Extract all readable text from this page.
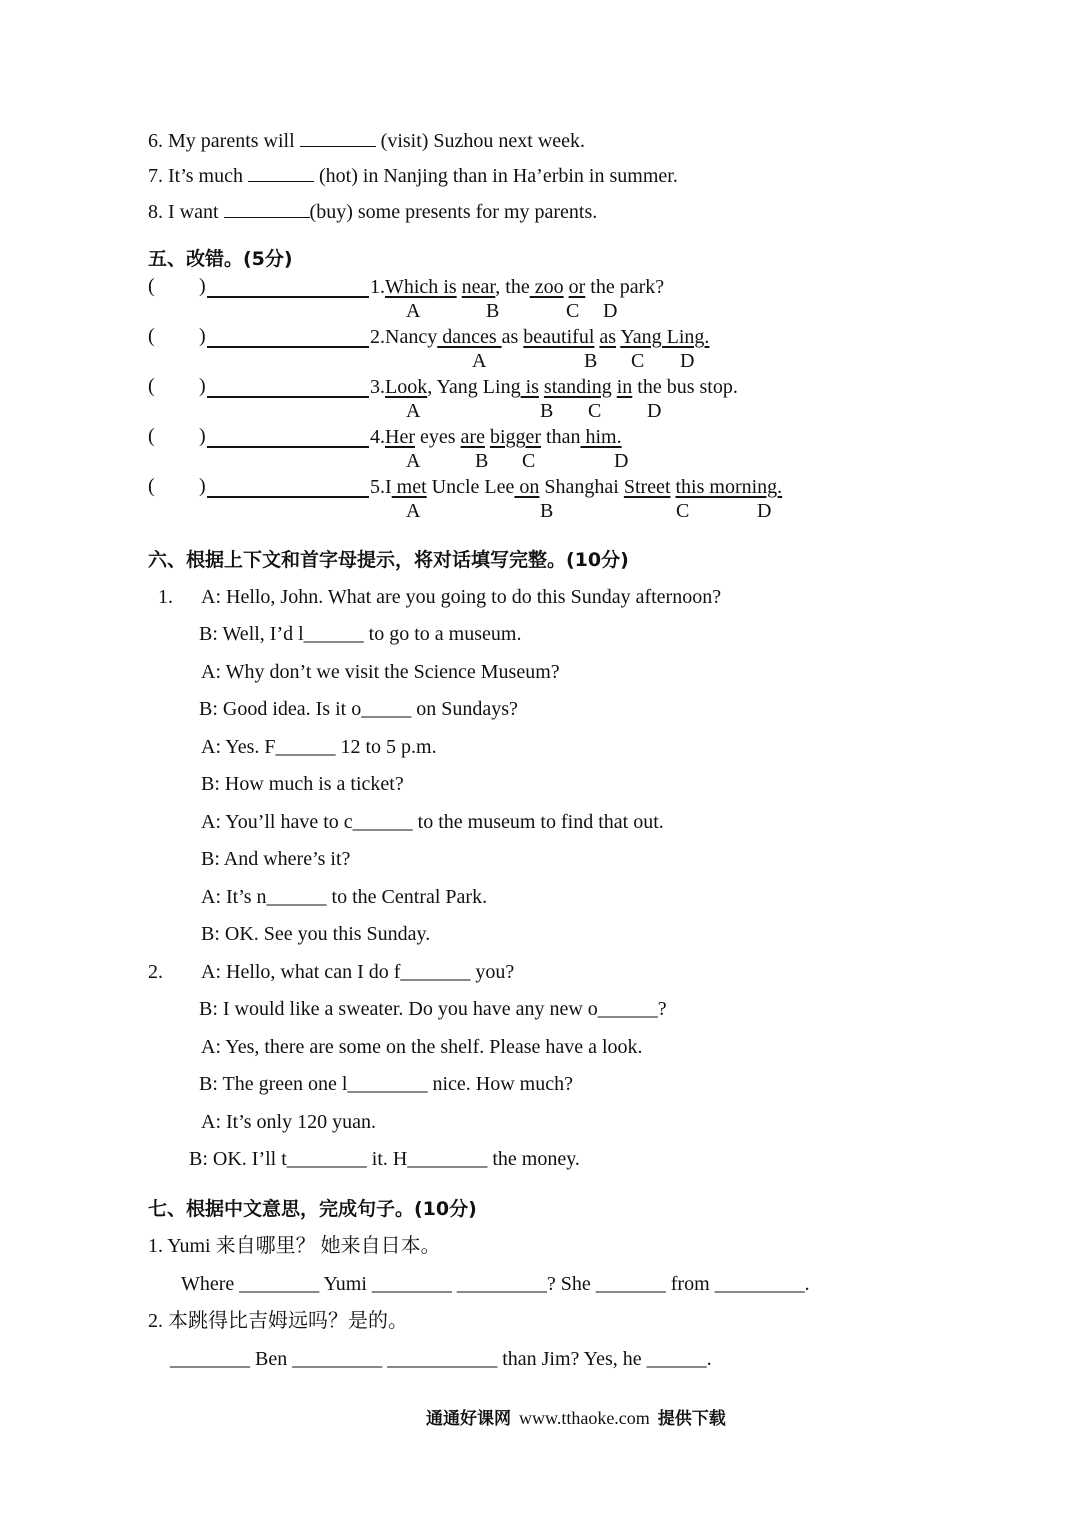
6. My parents will	(visit) Suzhou next week.
7. It’s much	(hot) in Nanjing than in Ha’erbin in summer.
8. I want	(buy) some presents for my parents.
五、改错。(5分)
( )	1.Which is near, the zoo or the park?
A	B	C D
( )	2.Nancy dances as beautiful as Yang Ling.
A	B C D
( )	3.Look, Yang Ling is standing in the bus stop.
A	B C D
( )	4.Her eyes are bigger than him.
A	B C	D
( )	5.I met Uncle Lee on Shanghai Street this morning.
A	B	C	D
六、根据上下文和首字母提示，将对话填写完整。(10分)
1. A: Hello, John. What are you going to do this Sunday afternoon?
B: Well, I’d l______ to go to a museum.
A: Why don’t we visit the Science Museum?
B: Good idea. Is it o_____ on Sundays?
A: Yes. F______ 12 to 5 p.m.
B: How much is a ticket?
A: You’ll have to c______ to the museum to find that out.
B: And where’s it?
A: It’s n______ to the Central Park.
B: OK. See you this Sunday.
2. A: Hello, what can I do f_______ you?
B: I would like a sweater. Do you have any new o______?
A: Yes, there are some on the shelf. Please have a look.
B: The green one l________ nice. How much?
A: It’s only 120 yuan.
B: OK. I’ll t________ it. H________ the money.
七、根据中文意思，完成句子。(10分)
1. Yumi 来自哪里？ 她来自日本。
Where ________ Yumi ________ _________? She _______ from _________.
2. 本跳得比吉姆远吗？是的。
________ Ben _________ ___________ than Jim? Yes, he ______.
通通好课网 www.tthaoke.com 提供下载
